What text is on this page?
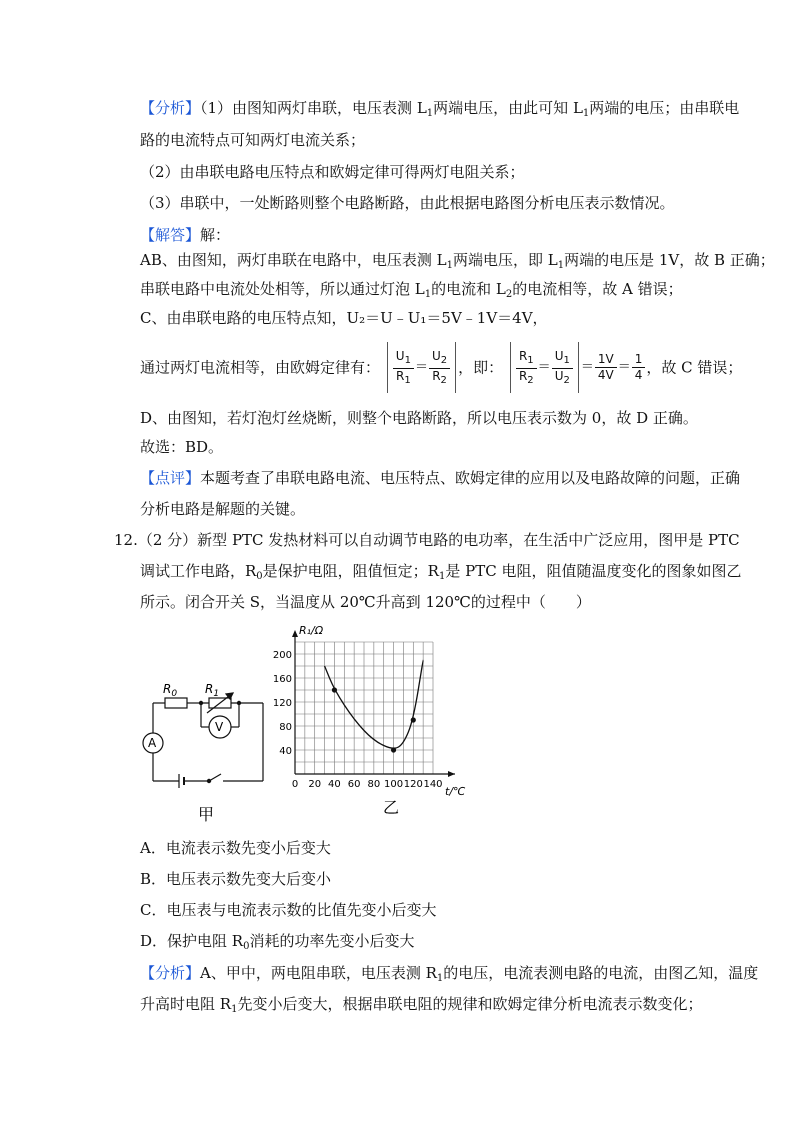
【分析】（1）由图知两灯串联，电压表测 $L_1$两端电压，由此可知 $L_1$两端的电压；由串联电
路的电流特点可知两灯电流关系；
（2）由串联电路电压特点和欧姆定律可得两灯电阻关系；
（3）串联中，一处断路则整个电路断路，由此根据电路图分析电压表示数情况。
【解答】解：
AB、由图知，两灯串联在电路中，电压表测 $L_1$两端电压，即 $L_1$两端的电压是 1V，故 B 正确；
串联电路中电流处处相等，所以通过灯泡 $L_1$的电流和 $L_2$的电流相等，故 A 错误；
C、由串联电路的电压特点知，U₂＝U﹣U₁＝5V﹣1V＝4V，
通过两灯电流相等，由欧姆定律有： $\frac{U_1}{R_1} = \frac{U_2}{R_2}$ ，即： $\frac{R_1}{R_2} = \frac{U_1}{U_2} = \frac{1V}{4V} = \frac{1}{4}$ ，故 C 错误；
D、由图知，若灯泡灯丝烧断，则整个电路断路，所以电压表示数为 0，故 D 正确。
故选：BD。
【点评】本题考查了串联电路电流、电压特点、欧姆定律的应用以及电路故障的问题，正确
分析电路是解题的关键。
12.（2 分）新型 PTC 发热材料可以自动调节电路的电功率，在生活中广泛应用，图甲是 PTC
调试工作电路，$R_0$是保护电阻，阻值恒定；$R_1$是 PTC 电阻，阻值随温度变化的图象如图乙
所示。闭合开关 S，当温度从 20℃升高到 120℃的过程中（　　）
$R_0$ $R_1$
A
V
甲
0 20 40 60 80 100 120 140
40
80
120
160
200
R₁/Ω
t/℃
乙
A．电流表示数先变小后变大
B．电压表示数先变大后变小
C．电压表与电流表示数的比值先变小后变大
D．保护电阻 $R_0$消耗的功率先变小后变大
【分析】A、甲中，两电阻串联，电压表测 $R_1$的电压，电流表测电路的电流，由图乙知，温度
升高时电阻 $R_1$先变小后变大，根据串联电阻的规律和欧姆定律分析电流表示数变化；
